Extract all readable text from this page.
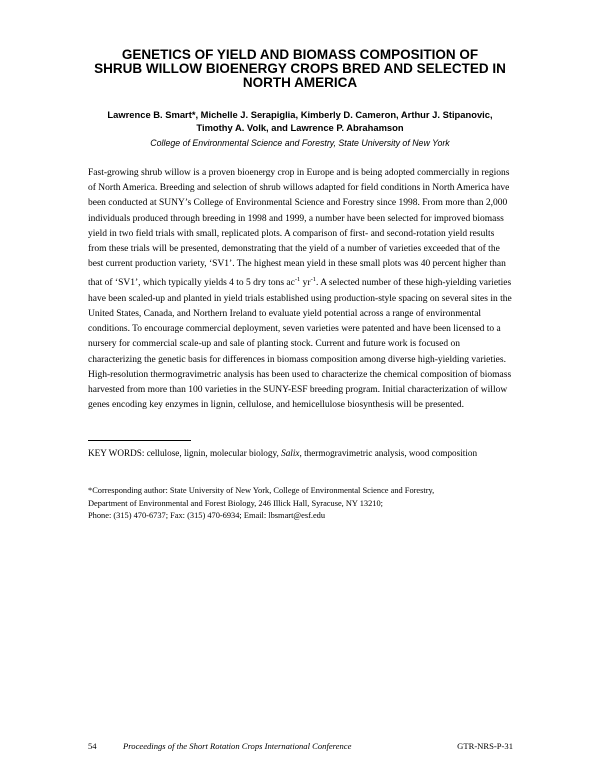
GENETICS OF YIELD AND BIOMASS COMPOSITION OF
SHRUB WILLOW BIOENERGY CROPS BRED AND SELECTED IN
NORTH AMERICA

Lawrence B. Smart*, Michelle J. Serapiglia, Kimberly D. Cameron, Arthur J. Stipanovic,
Timothy A. Volk, and Lawrence P. Abrahamson

College of Environmental Science and Forestry, State University of New York

Fast-growing shrub willow is a proven bioenergy crop in Europe and is being adopted commercially in regions of North America. Breeding and selection of shrub willows adapted for field conditions in North America have been conducted at SUNY’s College of Environmental Science and Forestry since 1998. From more than 2,000 individuals produced through breeding in 1998 and 1999, a number have been selected for improved biomass yield in two field trials with small, replicated plots. A comparison of first- and second-rotation yield results from these trials will be presented, demonstrating that the yield of a number of varieties exceeded that of the best current production variety, ‘SV1’. The highest mean yield in these small plots was 40 percent higher than that of ‘SV1’, which typically yields 4 to 5 dry tons $ac^{-1}$ $yr^{-1}$. A selected number of these high-yielding varieties have been scaled-up and planted in yield trials established using production-style spacing on several sites in the United States, Canada, and Northern Ireland to evaluate yield potential across a range of environmental conditions. To encourage commercial deployment, seven varieties were patented and have been licensed to a nursery for commercial scale-up and sale of planting stock. Current and future work is focused on characterizing the genetic basis for differences in biomass composition among diverse high-yielding varieties. High-resolution thermogravimetric analysis has been used to characterize the chemical composition of biomass harvested from more than 100 varieties in the SUNY-ESF breeding program. Initial characterization of willow genes encoding key enzymes in lignin, cellulose, and hemicellulose biosynthesis will be presented.

KEY WORDS: cellulose, lignin, molecular biology, Salix, thermogravimetric analysis, wood composition

*Corresponding author: State University of New York, College of Environmental Science and Forestry,
Department of Environmental and Forest Biology, 246 Illick Hall, Syracuse, NY 13210;
Phone: (315) 470-6737; Fax: (315) 470-6934; Email: lbsmart@esf.edu

54	Proceedings of the Short Rotation Crops International Conference	GTR-NRS-P-31
